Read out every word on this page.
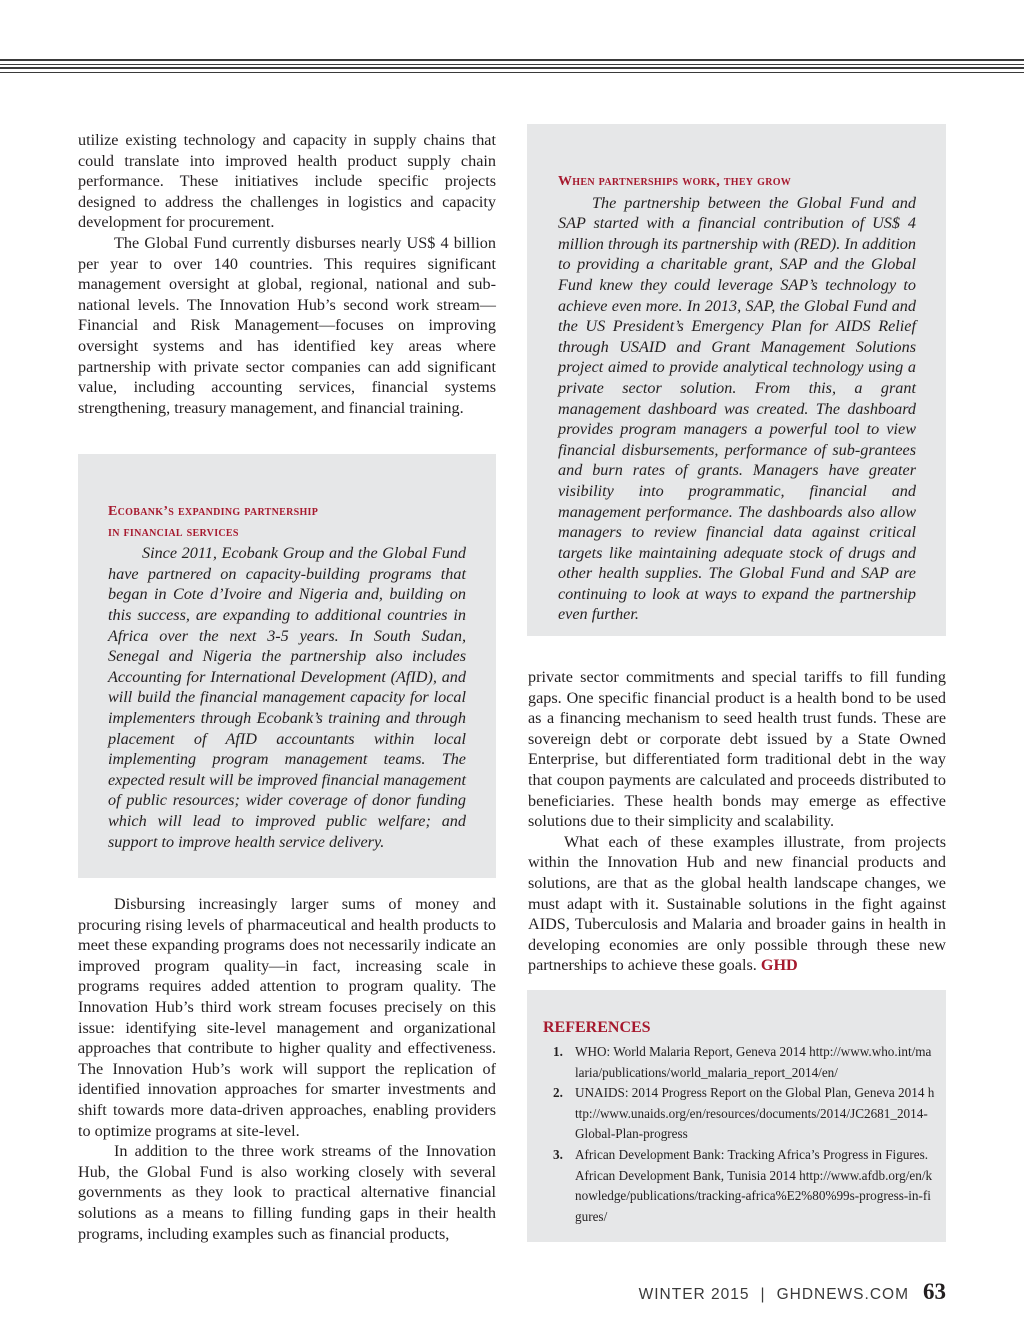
utilize existing technology and capacity in supply chains that could translate into improved health product supply chain performance. These initiatives include specific projects designed to address the challenges in logistics and capacity development for procurement.

The Global Fund currently disburses nearly US$ 4 billion per year to over 140 countries. This requires significant management oversight at global, regional, national and sub-national levels. The Innovation Hub’s second work stream—Financial and Risk Management—focuses on improving oversight systems and has identified key areas where partnership with private sector companies can add significant value, including accounting services, financial systems strengthening, treasury management, and financial training.

Ecobank’s expanding partnership
in financial services

Since 2011, Ecobank Group and the Global Fund have partnered on capacity-building programs that began in Cote d’Ivoire and Nigeria and, building on this success, are expanding to additional countries in Africa over the next 3-5 years. In South Sudan, Senegal and Nigeria the partnership also includes Accounting for International Development (AfID), and will build the financial management capacity for local implementers through Ecobank’s training and through placement of AfID accountants within local implementing program management teams. The expected result will be improved financial management of public resources; wider coverage of donor funding which will lead to improved public welfare; and support to improve health service delivery.

Disbursing increasingly larger sums of money and procuring rising levels of pharmaceutical and health products to meet these expanding programs does not necessarily indicate an improved program quality—in fact, increasing scale in programs requires added attention to program quality. The Innovation Hub’s third work stream focuses precisely on this issue: identifying site-level management and organizational approaches that contribute to higher quality and effectiveness. The Innovation Hub’s work will support the replication of identified innovation approaches for smarter investments and shift towards more data-driven approaches, enabling providers to optimize programs at site-level.

In addition to the three work streams of the Innovation Hub, the Global Fund is also working closely with several governments as they look to practical alternative financial solutions as a means to filling funding gaps in their health programs, including examples such as financial products,

When partnerships work, they grow

The partnership between the Global Fund and SAP started with a financial contribution of US$ 4 million through its partnership with (RED). In addition to providing a charitable grant, SAP and the Global Fund knew they could leverage SAP’s technology to achieve even more. In 2013, SAP, the Global Fund and the US President’s Emergency Plan for AIDS Relief through USAID and Grant Management Solutions project aimed to provide analytical technology using a private sector solution. From this, a grant management dashboard was created. The dashboard provides program managers a powerful tool to view financial disbursements, performance of sub-grantees and burn rates of grants. Managers have greater visibility into programmatic, financial and management performance. The dashboards also allow managers to review financial data against critical targets like maintaining adequate stock of drugs and other health supplies. The Global Fund and SAP are continuing to look at ways to expand the partnership even further.

private sector commitments and special tariffs to fill funding gaps. One specific financial product is a health bond to be used as a financing mechanism to seed health trust funds. These are sovereign debt or corporate debt issued by a State Owned Enterprise, but differentiated form traditional debt in the way that coupon payments are calculated and proceeds distributed to beneficiaries. These health bonds may emerge as effective solutions due to their simplicity and scalability.

What each of these examples illustrate, from projects within the Innovation Hub and new financial products and solutions, are that as the global health landscape changes, we must adapt with it. Sustainable solutions in the fight against AIDS, Tuberculosis and Malaria and broader gains in health in developing economies are only possible through these new partnerships to achieve these goals. GHD

REFERENCES
1. WHO: World Malaria Report, Geneva 2014 http://www.who.int/malaria/publications/world_malaria_report_2014/en/
2. UNAIDS: 2014 Progress Report on the Global Plan, Geneva 2014 http://www.unaids.org/en/resources/documents/2014/JC2681_2014-Global-Plan-progress
3. African Development Bank: Tracking Africa’s Progress in Figures. African Development Bank, Tunisia 2014 http://www.afdb.org/en/knowledge/publications/tracking-africa%E2%80%99s-progress-in-figures/
WINTER 2015 | GHDNEWS.COM 63
